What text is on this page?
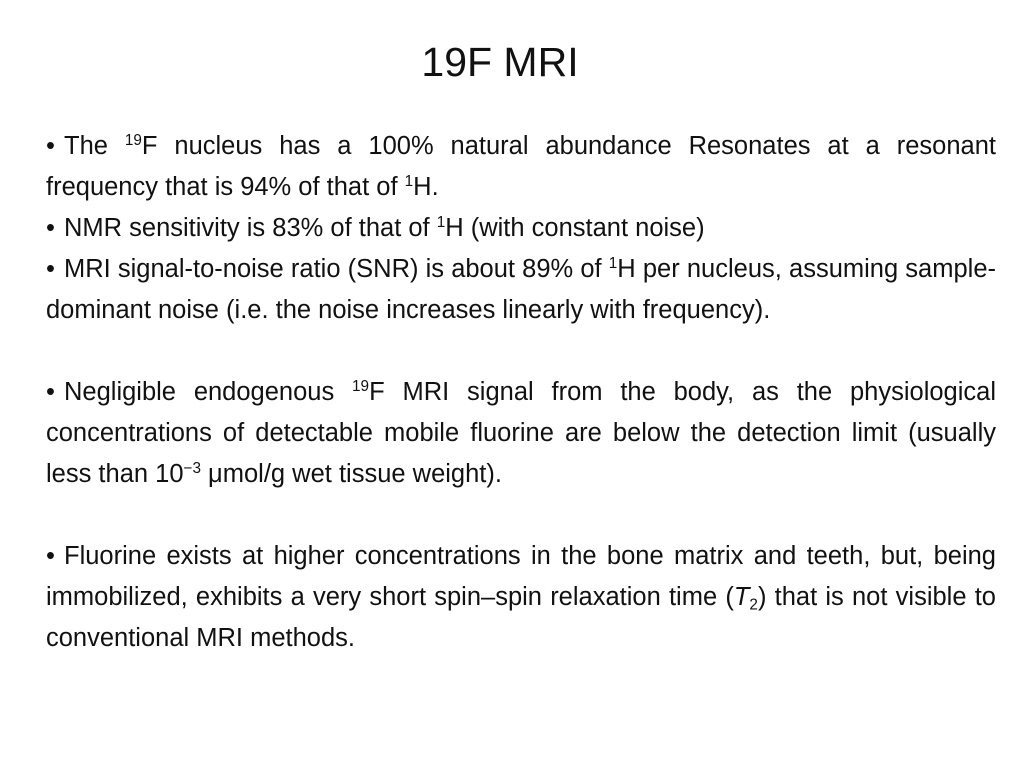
19F MRI

• The $^{19}$F nucleus has a 100% natural abundance Resonates at a resonant frequency that is 94% of that of $^1$H.

• NMR sensitivity is 83% of that of $^1$H (with constant noise)

• MRI signal-to-noise ratio (SNR) is about 89% of $^1$H per nucleus, assuming sample-dominant noise (i.e. the noise increases linearly with frequency).

• Negligible endogenous $^{19}$F MRI signal from the body, as the physiological concentrations of detectable mobile fluorine are below the detection limit (usually less than $10^{-3}$ μmol/g wet tissue weight).

• Fluorine exists at higher concentrations in the bone matrix and teeth, but, being immobilized, exhibits a very short spin–spin relaxation time $(T_2)$ that is not visible to conventional MRI methods.
